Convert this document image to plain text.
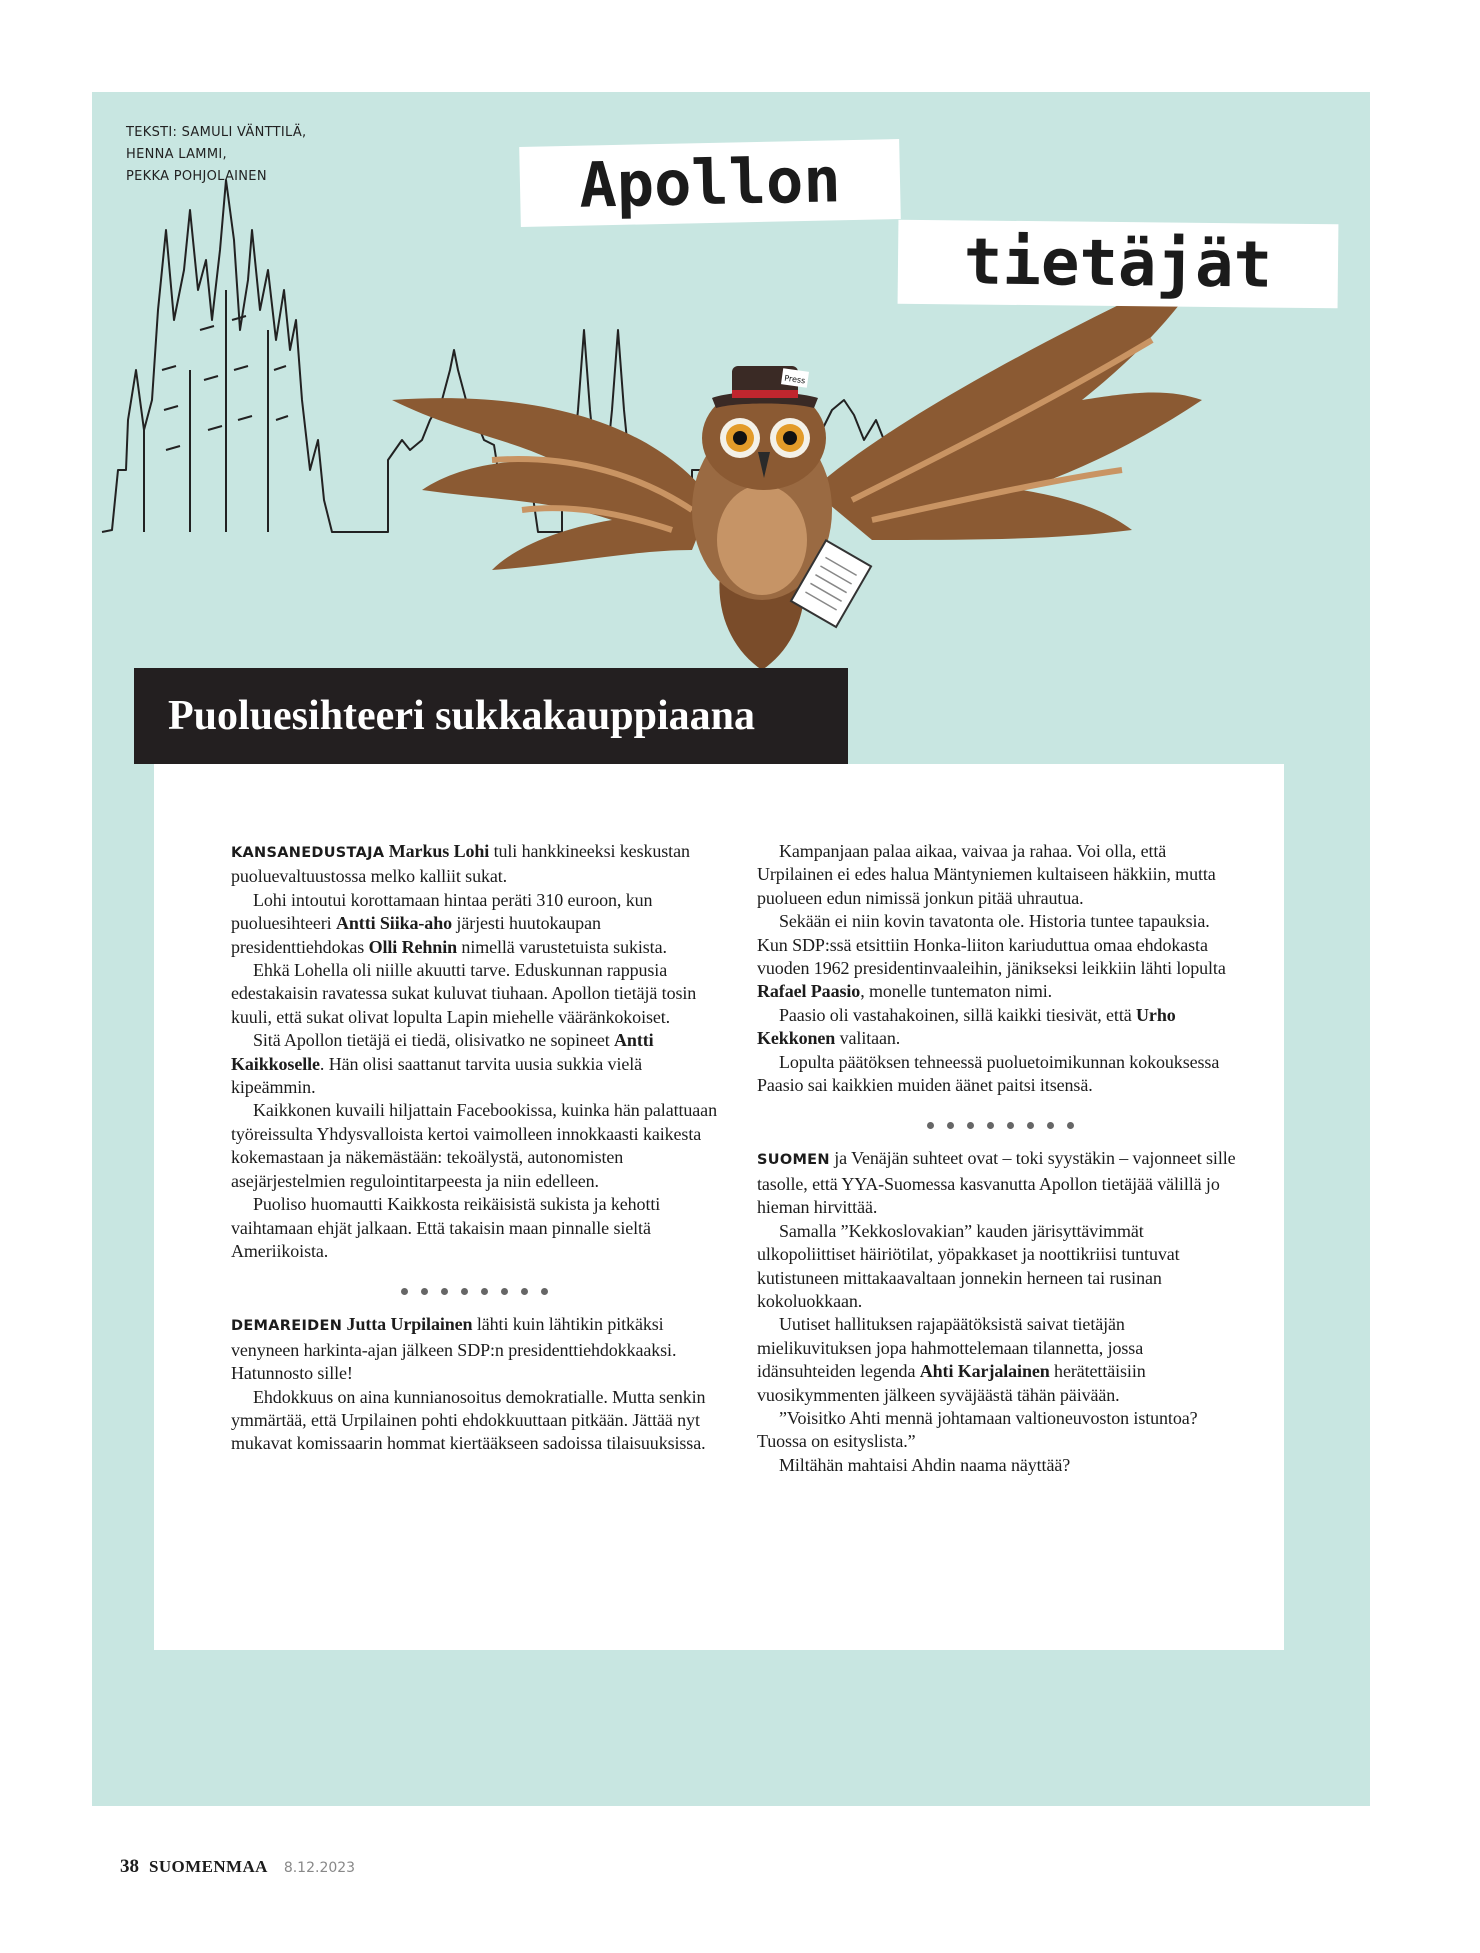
TEKSTI: SAMULI VÄNTTILÄ,
HENNA LAMMI,
PEKKA POHJOLAINEN
Press
Apollon
tietäjät
Puoluesihteeri sukkakauppiaana

KANSANEDUSTAJA Markus Lohi tuli hankkineeksi keskustan puoluevaltuustossa melko kalliit sukat.

Lohi intoutui korottamaan hintaa peräti 310 euroon, kun puoluesihteeri Antti Siika-aho järjesti huutokaupan presidenttiehdokas Olli Rehnin nimellä varustetuista sukista.

Ehkä Lohella oli niille akuutti tarve. Eduskunnan rappusia edestakaisin ravatessa sukat kuluvat tiuhaan. Apollon tietäjä tosin kuuli, että sukat olivat lopulta Lapin miehelle vääränkokoiset.

Sitä Apollon tietäjä ei tiedä, olisivatko ne sopineet Antti Kaikkoselle. Hän olisi saattanut tarvita uusia sukkia vielä kipeämmin.

Kaikkonen kuvaili hiljattain Facebookissa, kuinka hän palattuaan työreissulta Yhdysvalloista kertoi vaimolleen innokkaasti kaikesta kokemastaan ja näkemästään: tekoälystä, autonomisten asejärjestelmien regulointitarpeesta ja niin edelleen.

Puoliso huomautti Kaikkosta reikäisistä sukista ja kehotti vaihtamaan ehjät jalkaan. Että takaisin maan pinnalle sieltä Ameriikoista.

DEMAREIDEN Jutta Urpilainen lähti kuin lähtikin pitkäksi venyneen harkinta-ajan jälkeen SDP:n presidenttiehdokkaaksi. Hatunnosto sille!

Ehdokkuus on aina kunnianosoitus demokratialle. Mutta senkin ymmärtää, että Urpilainen pohti ehdokkuuttaan pitkään. Jättää nyt mukavat komissaarin hommat kiertääkseen sadoissa tilaisuuksissa.

Kampanjaan palaa aikaa, vaivaa ja rahaa. Voi olla, että Urpilainen ei edes halua Mäntyniemen kultaiseen häkkiin, mutta puolueen edun nimissä jonkun pitää uhrautua.

Sekään ei niin kovin tavatonta ole. Historia tuntee tapauksia. Kun SDP:ssä etsittiin Honka-liiton kariuduttua omaa ehdokasta vuoden 1962 presidentinvaaleihin, jänikseksi leikkiin lähti lopulta Rafael Paasio, monelle tuntematon nimi.

Paasio oli vastahakoinen, sillä kaikki tiesivät, että Urho Kekkonen valitaan.

Lopulta päätöksen tehneessä puoluetoimikunnan kokouksessa Paasio sai kaikkien muiden äänet paitsi itsensä.

SUOMEN ja Venäjän suhteet ovat – toki syystäkin – vajonneet sille tasolle, että YYA-Suomessa kasvanutta Apollon tietäjää välillä jo hieman hirvittää.

Samalla ”Kekkoslovakian” kauden järisyttävimmät ulkopoliittiset häiriötilat, yöpakkaset ja noottikriisi tuntuvat kutistuneen mittakaavaltaan jonnekin herneen tai rusinan kokoluokkaan.

Uutiset hallituksen rajapäätöksistä saivat tietäjän mielikuvituksen jopa hahmottelemaan tilannetta, jossa idänsuhteiden legenda Ahti Karjalainen herätettäisiin vuosikymmenten jälkeen syväjäästä tähän päivään.

”Voisitko Ahti mennä johtamaan valtioneuvoston istuntoa? Tuossa on esityslista.”

Miltähän mahtaisi Ahdin naama näyttää?

38 SUOMENMAA 8.12.2023
